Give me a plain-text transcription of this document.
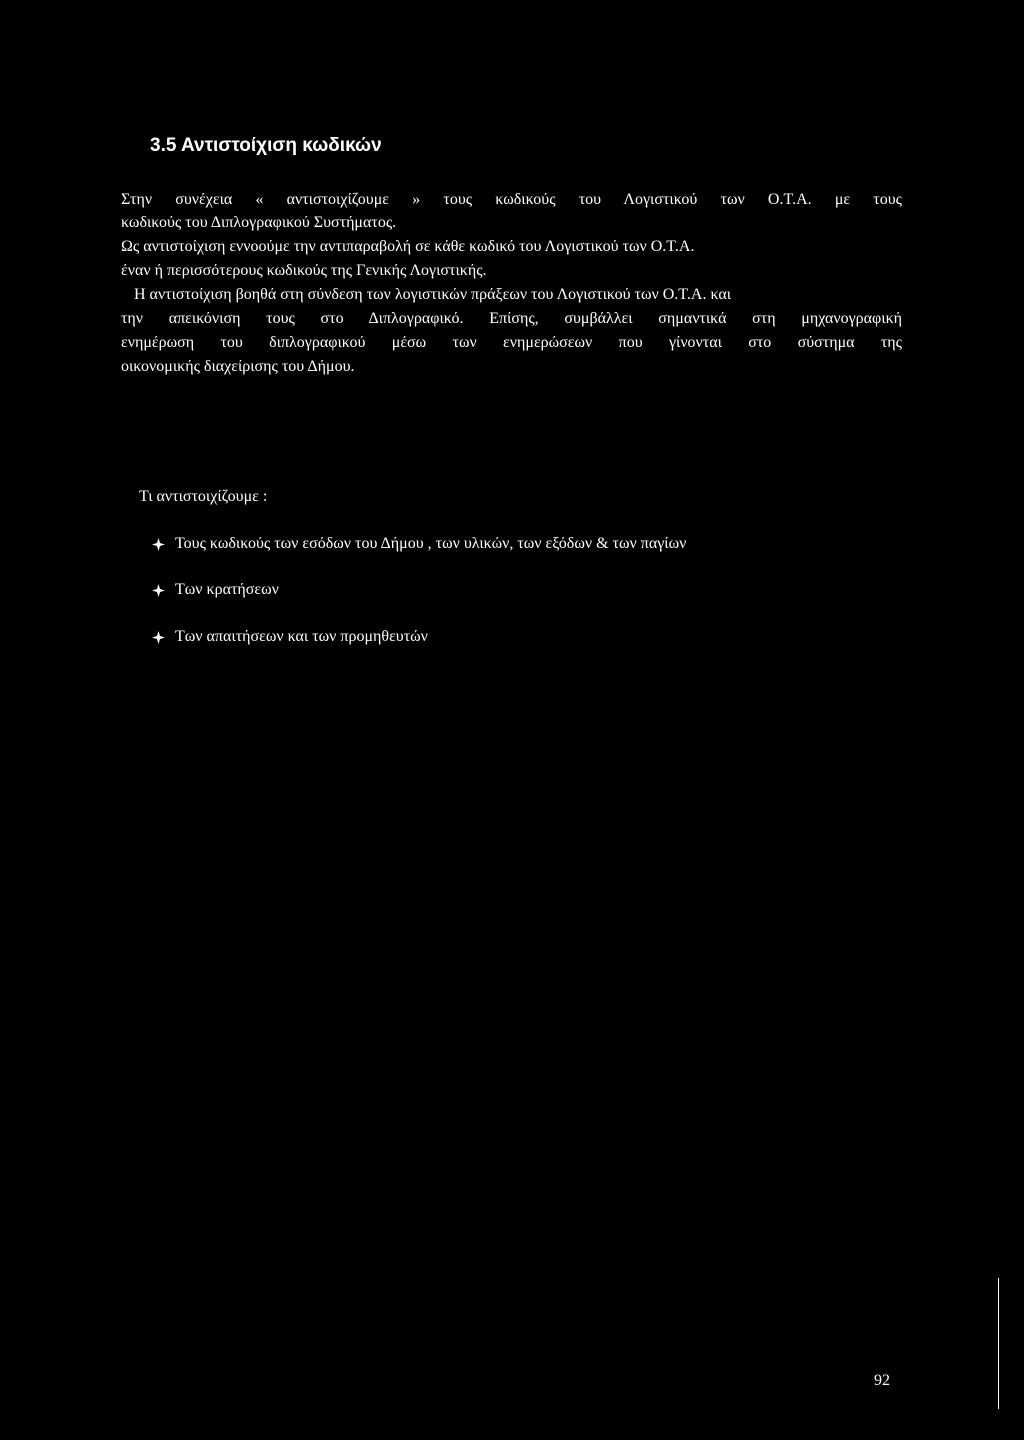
3.5 Αντιστοίχιση κωδικών
Στην συνέχεια « αντιστοιχίζουμε » τους κωδικούς του Λογιστικού των Ο.Τ.Α. με τους
κωδικούς του Διπλογραφικού Συστήματος.
Ως αντιστοίχιση εννοούμε την αντιπαραβολή σε κάθε κωδικό του Λογιστικού των Ο.Τ.Α.
έναν ή περισσότερους κωδικούς της Γενικής Λογιστικής.
Η αντιστοίχιση βοηθά στη σύνδεση των λογιστικών πράξεων του Λογιστικού των Ο.Τ.Α. και
την απεικόνιση τους στο Διπλογραφικό. Επίσης, συμβάλλει σημαντικά στη μηχανογραφική
ενημέρωση του διπλογραφικού μέσω των ενημερώσεων που γίνονται στο σύστημα της
οικονομικής διαχείρισης του Δήμου.
Τι αντιστοιχίζουμε :
Τους κωδικούς των εσόδων του Δήμου , των υλικών, των εξόδων & των παγίων
Των κρατήσεων
Των απαιτήσεων και των προμηθευτών
92
